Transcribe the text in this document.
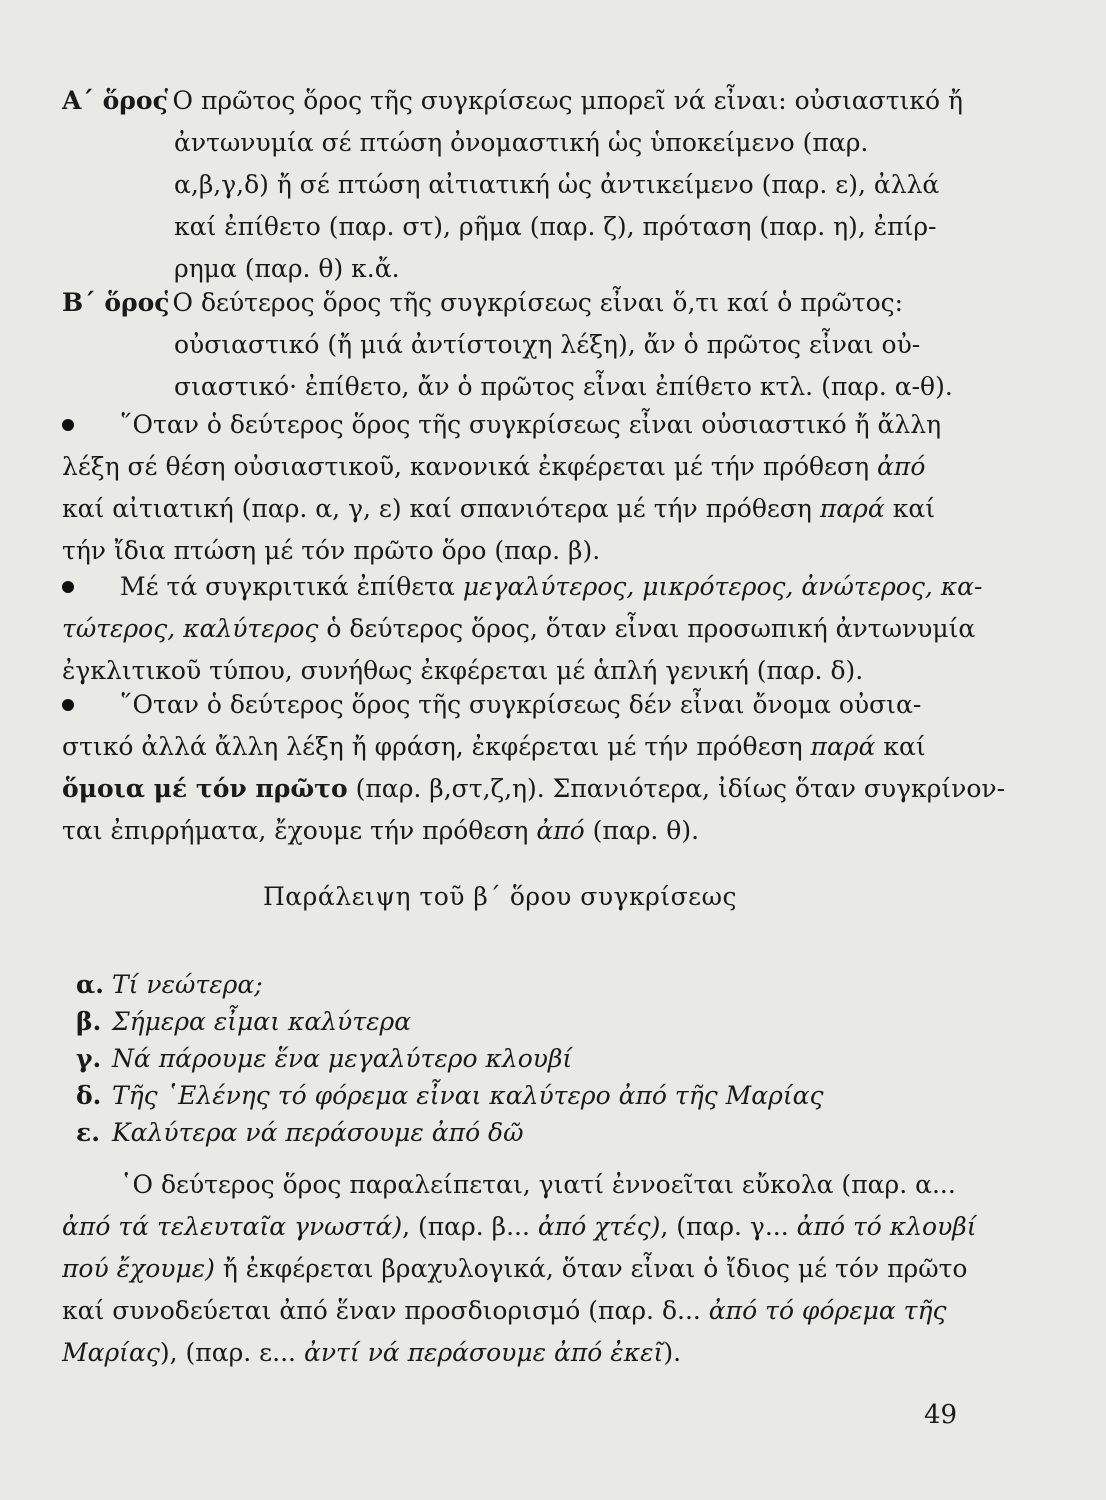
Α΄ ὅρος
῾Ο πρῶτος ὅρος τῆς συγκρίσεως μπορεῖ νά εἶναι: οὐσιαστικό ἤ
ἀντωνυμία σέ πτώση ὀνομαστική ὡς ὑποκείμενο (παρ.
α,β,γ,δ) ἤ σέ πτώση αἰτιατική ὡς ἀντικείμενο (παρ. ε), ἀλλά
καί ἐπίθετο (παρ. στ), ρῆμα (παρ. ζ), πρόταση (παρ. η), ἐπίρ-
ρημα (παρ. θ) κ.ἄ.
Β΄ ὅρος
῾Ο δεύτερος ὅρος τῆς συγκρίσεως εἶναι ὅ,τι καί ὁ πρῶτος:
οὐσιαστικό (ἤ μιά ἀντίστοιχη λέξη), ἄν ὁ πρῶτος εἶναι οὐ-
σιαστικό· ἐπίθετο, ἄν ὁ πρῶτος εἶναι ἐπίθετο κτλ. (παρ. α-θ).
῞Οταν ὁ δεύτερος ὅρος τῆς συγκρίσεως εἶναι οὐσιαστικό ἤ ἄλλη
λέξη σέ θέση οὐσιαστικοῦ, κανονικά ἐκφέρεται μέ τήν πρόθεση ἀπό
καί αἰτιατική (παρ. α, γ, ε) καί σπανιότερα μέ τήν πρόθεση παρά καί
τήν ἴδια πτώση μέ τόν πρῶτο ὅρο (παρ. β).
Μέ τά συγκριτικά ἐπίθετα μεγαλύτερος, μικρότερος, ἀνώτερος, κα-
τώτερος, καλύτερος ὁ δεύτερος ὅρος, ὅταν εἶναι προσωπική ἀντωνυμία
ἐγκλιτικοῦ τύπου, συνήθως ἐκφέρεται μέ ἁπλή γενική (παρ. δ).
῞Οταν ὁ δεύτερος ὅρος τῆς συγκρίσεως δέν εἶναι ὄνομα οὐσια-
στικό ἀλλά ἄλλη λέξη ἤ φράση, ἐκφέρεται μέ τήν πρόθεση παρά καί
ὅμοια μέ τόν πρῶτο (παρ. β,στ,ζ,η). Σπανιότερα, ἰδίως ὅταν συγκρίνον-
ται ἐπιρρήματα, ἔχουμε τήν πρόθεση ἀπό (παρ. θ).
Παράλειψη τοῦ β΄ ὅρου συγκρίσεως
α. Τί νεώτερα;
β. Σήμερα εἶμαι καλύτερα
γ. Νά πάρουμε ἕνα μεγαλύτερο κλουβί
δ. Τῆς ῾Ελένης τό φόρεμα εἶναι καλύτερο ἀπό τῆς Μαρίας
ε. Καλύτερα νά περάσουμε ἀπό δῶ
῾Ο δεύτερος ὅρος παραλείπεται, γιατί ἐννοεῖται εὔκολα (παρ. α...
ἀπό τά τελευταῖα γνωστά), (παρ. β... ἀπό χτές), (παρ. γ... ἀπό τό κλουβί
πού ἔχουμε) ἤ ἐκφέρεται βραχυλογικά, ὅταν εἶναι ὁ ἴδιος μέ τόν πρῶτο
καί συνοδεύεται ἀπό ἕναν προσδιορισμό (παρ. δ... ἀπό τό φόρεμα τῆς
Μαρίας), (παρ. ε... ἀντί νά περάσουμε ἀπό ἐκεῖ).
49
